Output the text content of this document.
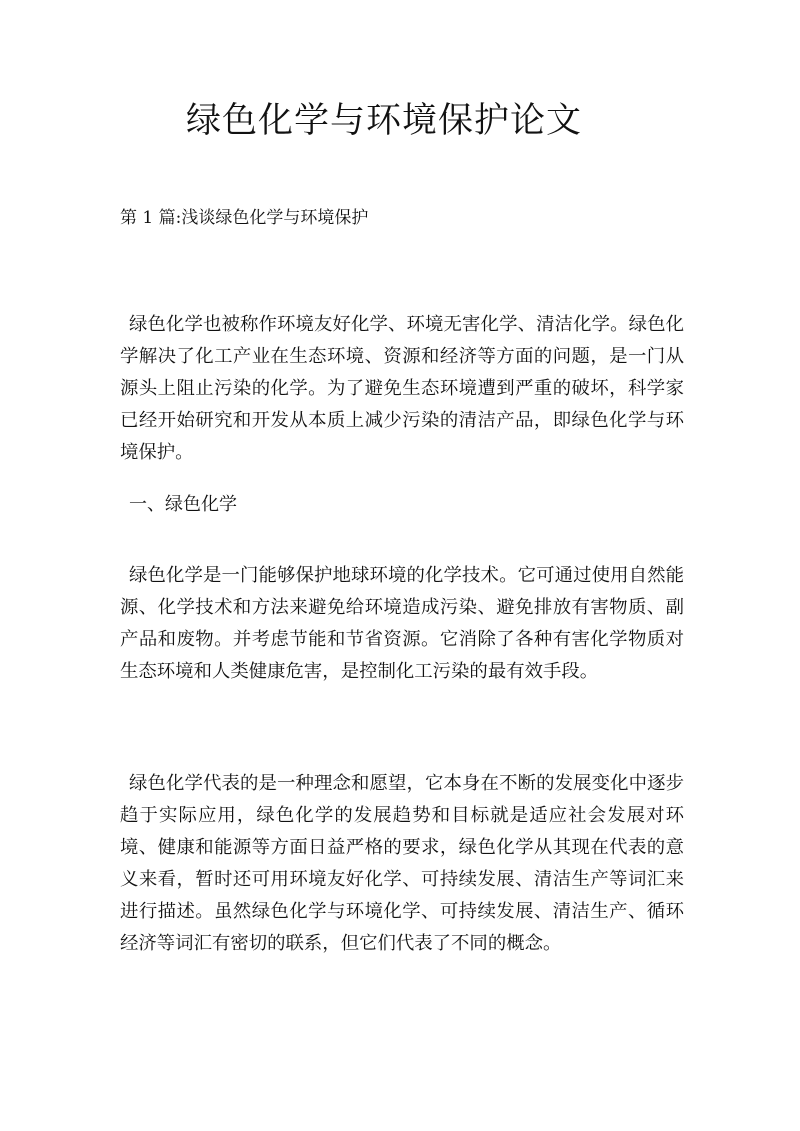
绿色化学与环境保护论文
第 1 篇:浅谈绿色化学与环境保护

绿色化学也被称作环境友好化学、环境无害化学、清洁化学。绿色化学解决了化工产业在生态环境、资源和经济等方面的问题，是一门从源头上阻止污染的化学。为了避免生态环境遭到严重的破坏，科学家已经开始研究和开发从本质上减少污染的清洁产品，即绿色化学与环境保护。

一、绿色化学

绿色化学是一门能够保护地球环境的化学技术。它可通过使用自然能源、化学技术和方法来避免给环境造成污染、避免排放有害物质、副产品和废物。并考虑节能和节省资源。它消除了各种有害化学物质对生态环境和人类健康危害，是控制化工污染的最有效手段。

绿色化学代表的是一种理念和愿望，它本身在不断的发展变化中逐步趋于实际应用，绿色化学的发展趋势和目标就是适应社会发展对环境、健康和能源等方面日益严格的要求，绿色化学从其现在代表的意义来看，暂时还可用环境友好化学、可持续发展、清洁生产等词汇来进行描述。虽然绿色化学与环境化学、可持续发展、清洁生产、循环经济等词汇有密切的联系，但它们代表了不同的概念。
